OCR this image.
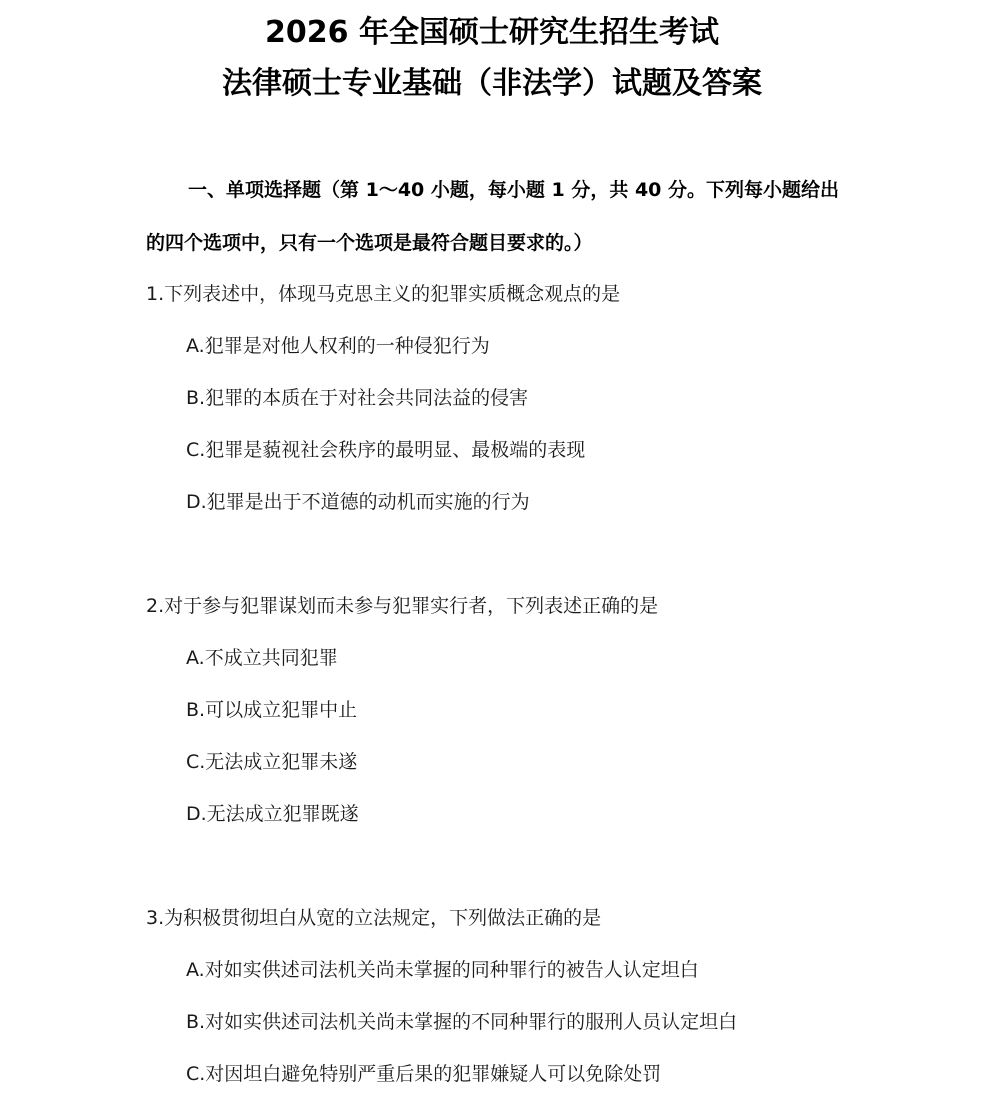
2026 年全国硕士研究生招生考试
法律硕士专业基础（非法学）试题及答案
一、单项选择题（第 1～40 小题，每小题 1 分，共 40 分。下列每小题给出
的四个选项中，只有一个选项是最符合题目要求的。）
1.下列表述中，体现马克思主义的犯罪实质概念观点的是
A.犯罪是对他人权利的一种侵犯行为
B.犯罪的本质在于对社会共同法益的侵害
C.犯罪是藐视社会秩序的最明显、最极端的表现
D.犯罪是出于不道德的动机而实施的行为
2.对于参与犯罪谋划而未参与犯罪实行者，下列表述正确的是
A.不成立共同犯罪
B.可以成立犯罪中止
C.无法成立犯罪未遂
D.无法成立犯罪既遂
3.为积极贯彻坦白从宽的立法规定，下列做法正确的是
A.对如实供述司法机关尚未掌握的同种罪行的被告人认定坦白
B.对如实供述司法机关尚未掌握的不同种罪行的服刑人员认定坦白
C.对因坦白避免特别严重后果的犯罪嫌疑人可以免除处罚
